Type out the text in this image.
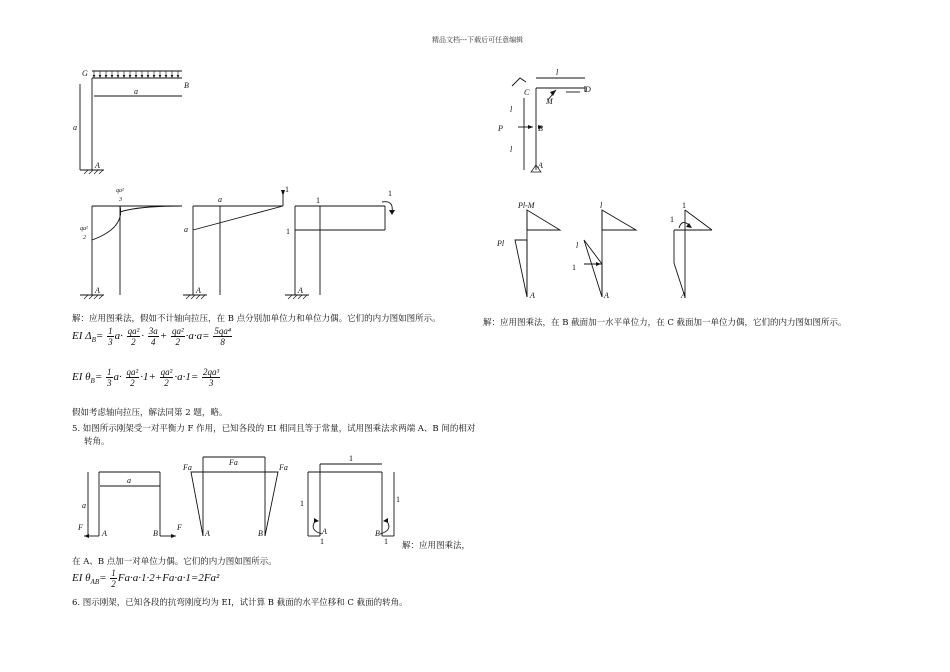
精品文档---下载后可任意编辑
G
B
a
a
A
qa²
3
qa²
2
A
a
a
A
1
1
1
1
A
解：应用图乘法，假如不计轴向拉压，在 B 点分别加单位力和单位力偶。它们的内力图如图所示。
EI $\Delta_B= \frac{1}{3} a\cdot \frac{\text{qa²}}{2} \cdot \frac{3a}{4} + \frac{\text{qa²}}{2} \cdot a\cdot a= \frac{\text{5qa⁴}}{8}$
EI $\theta_B= \frac{1}{3} a\cdot \frac{\text{qa²}}{2} \cdot 1+ \frac{\text{qa²}}{2} \cdot a\cdot 1= \frac{\text{2qa³}}{3}$
假如考虑轴向拉压，解法同第 2 题，略。
5. 如图所示刚架受一对平衡力 F 作用，已知各段的 EI 相同且等于常量，试用图乘法求两端 A、B 间的相对
转角。
a
a
F
A	B
F
Fa
Fa	Fa
A	B
1
1	1
A	B
1	1 解：应用图乘法，
在 A、B 点加一对单位力偶。它们的内力图如图所示。
EI $\theta_{AB}= \frac{1}{2} Fa\cdot a\cdot 1\cdot 2+Fa\cdot a\cdot 1=2Fa^2$
6. 图示刚架，已知各段的抗弯刚度均为 EI，试计算 B 截面的水平位移和 C 截面的转角。
l
C	D
M
l
P	B
l
A
Pl-M
Pl
A
l
l
1
A
1
1
A
解：应用图乘法，在 B 截面加一水平单位力，在 C 截面加一单位力偶，它们的内力图如图所示。
